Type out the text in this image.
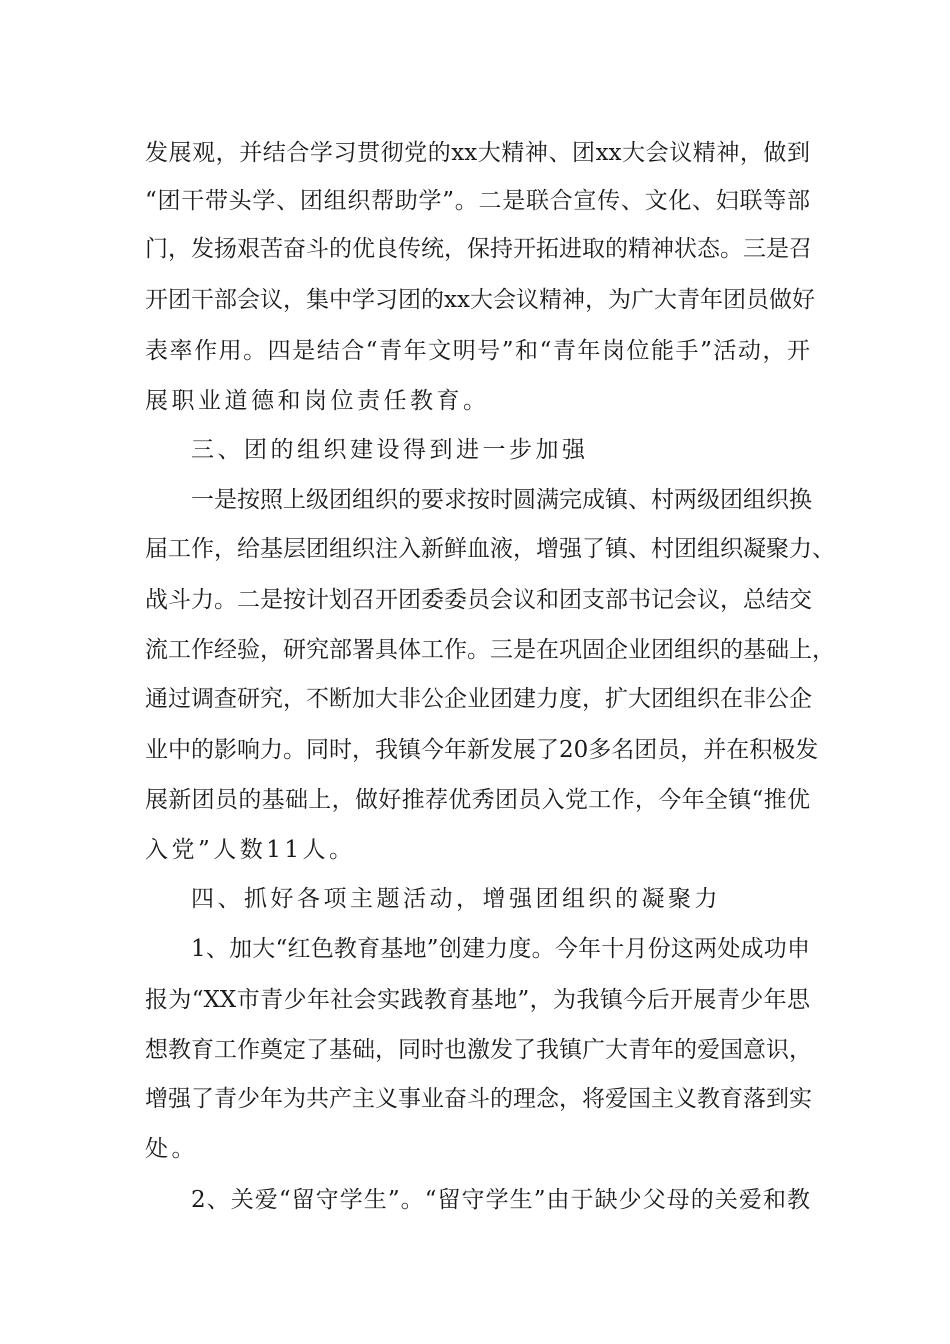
发展观，并结合学习贯彻党的xx大精神、团xx大会议精神，做到
“团干带头学、团组织帮助学”。二是联合宣传、文化、妇联等部
门，发扬艰苦奋斗的优良传统，保持开拓进取的精神状态。三是召
开团干部会议，集中学习团的xx大会议精神，为广大青年团员做好
表率作用。四是结合“青年文明号”和“青年岗位能手”活动，开
展职业道德和岗位责任教育。
三、团的组织建设得到进一步加强
一是按照上级团组织的要求按时圆满完成镇、村两级团组织换
届工作，给基层团组织注入新鲜血液，增强了镇、村团组织凝聚力、
战斗力。二是按计划召开团委委员会议和团支部书记会议，总结交
流工作经验，研究部署具体工作。三是在巩固企业团组织的基础上，
通过调查研究，不断加大非公企业团建力度，扩大团组织在非公企
业中的影响力。同时，我镇今年新发展了20多名团员，并在积极发
展新团员的基础上，做好推荐优秀团员入党工作，今年全镇“推优
入党”人数11人。
四、抓好各项主题活动，增强团组织的凝聚力
1、加大“红色教育基地”创建力度。今年十月份这两处成功申
报为“XX市青少年社会实践教育基地”，为我镇今后开展青少年思
想教育工作奠定了基础，同时也激发了我镇广大青年的爱国意识，
增强了青少年为共产主义事业奋斗的理念，将爱国主义教育落到实
处。
2、关爱“留守学生”。“留守学生”由于缺少父母的关爱和教
